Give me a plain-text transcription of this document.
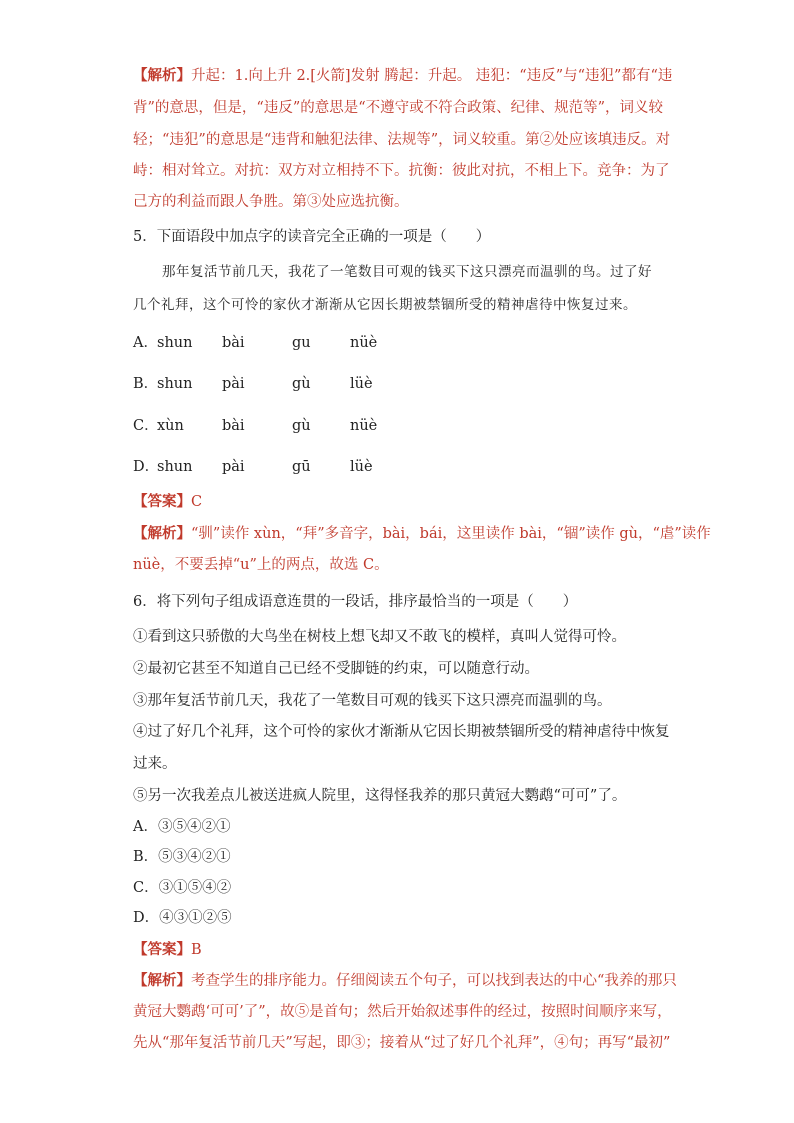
【解析】升起：1.向上升 2.[火箭]发射 腾起：升起。 违犯：“违反”与“违犯”都有“违
背”的意思，但是，“违反”的意思是“不遵守或不符合政策、纪律、规范等”，词义较
轻；“违犯”的意思是“违背和触犯法律、法规等”，词义较重。第②处应该填违反。对
峙：相对耸立。对抗：双方对立相持不下。抗衡：彼此对抗，不相上下。竞争：为了
己方的利益而跟人争胜。第③处应选抗衡。
5．下面语段中加点字的读音完全正确的一项是（　　）
那年复活节前几天，我花了一笔数目可观的钱买下这只漂亮而温驯的鸟。过了好
几个礼拜，这个可怜的家伙才渐渐从它因长期被禁锢所受的精神虐待中恢复过来。
A． shun bài	gu	nüè
B．
shun pài	gù	lüè
C．
xùn	bài	gù	nüè
D．
shun pài	gū	lüè
【答案】C
【解析】“驯”读作 xùn，“拜”多音字，bài，bái，这里读作 bài，“锢”读作 gù，“虐”读作
nüè，不要丢掉“u”上的两点，故选 C。
6．将下列句子组成语意连贯的一段话，排序最恰当的一项是（　　）
①看到这只骄傲的大鸟坐在树枝上想飞却又不敢飞的模样，真叫人觉得可怜。
②最初它甚至不知道自己已经不受脚链的约束，可以随意行动。
③那年复活节前几天，我花了一笔数目可观的钱买下这只漂亮而温驯的鸟。
④过了好几个礼拜，这个可怜的家伙才渐渐从它因长期被禁锢所受的精神虐待中恢复
过来。
⑤另一次我差点儿被送进疯人院里，这得怪我养的那只黄冠大鹦鹉“可可”了。
A．③⑤④②①
B．⑤③④②①
C．③①⑤④②
D．④③①②⑤
【答案】B
【解析】考查学生的排序能力。仔细阅读五个句子，可以找到表达的中心“我养的那只
黄冠大鹦鹉‘可可’了”，故⑤是首句；然后开始叙述事件的经过，按照时间顺序来写，
先从“那年复活节前几天”写起，即③；接着从“过了好几个礼拜”，④句；再写“最初”
